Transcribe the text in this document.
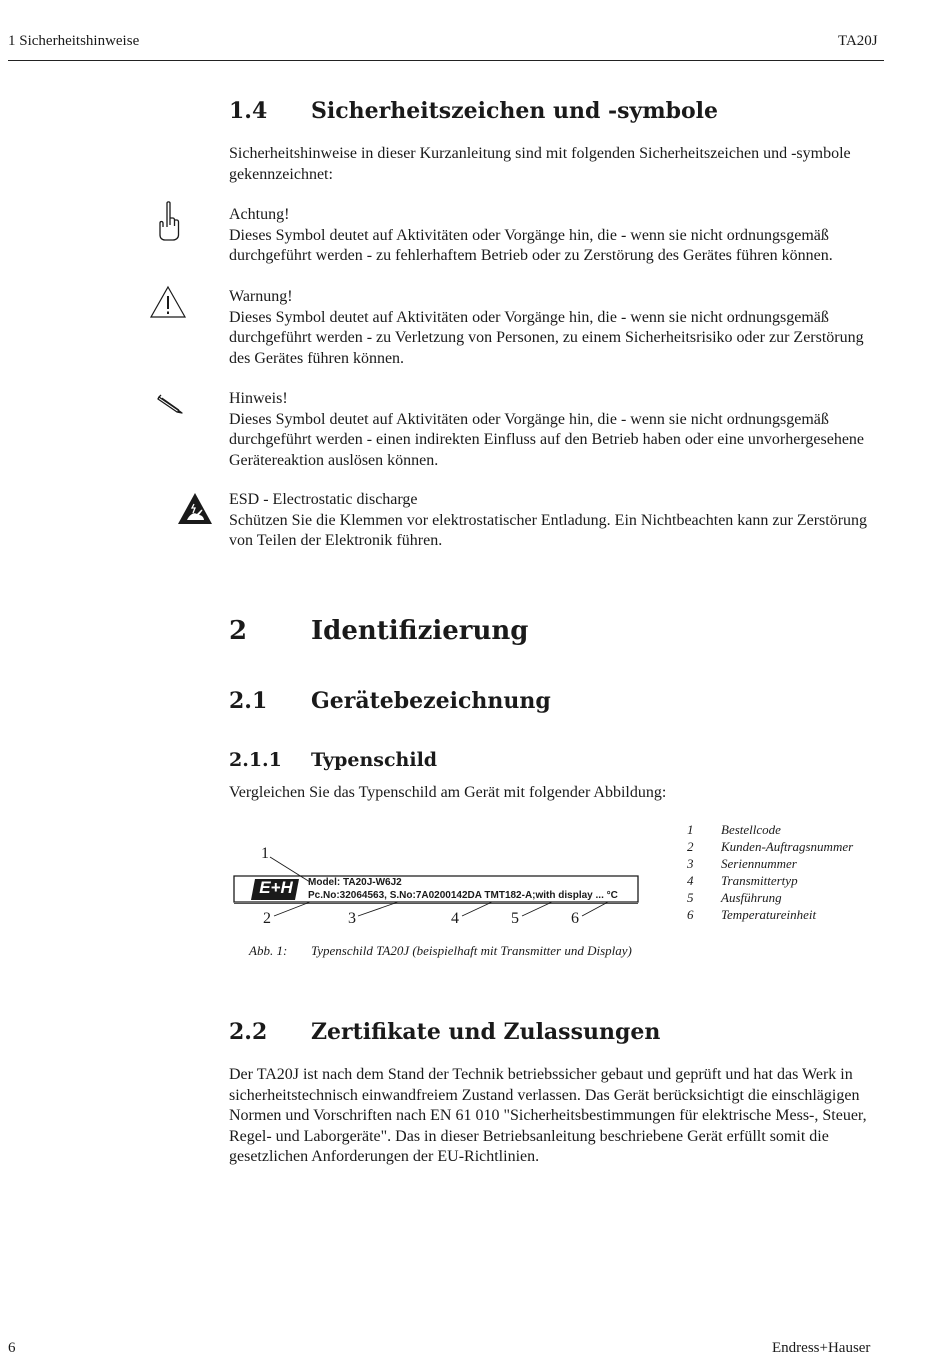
1 Sicherheitshinweise	TA20J
1.4 Sicherheitszeichen und -symbole
Sicherheitshinweise in dieser Kurzanleitung sind mit folgenden Sicherheitszeichen und -symbole gekennzeichnet:
Achtung!
Dieses Symbol deutet auf Aktivitäten oder Vorgänge hin, die - wenn sie nicht ordnungsgemäß durchgeführt werden - zu fehlerhaftem Betrieb oder zu Zerstörung des Gerätes führen können.
Warnung!
Dieses Symbol deutet auf Aktivitäten oder Vorgänge hin, die - wenn sie nicht ordnungsgemäß durchgeführt werden - zu Verletzung von Personen, zu einem Sicherheitsrisiko oder zur Zerstörung des Gerätes führen können.
Hinweis!
Dieses Symbol deutet auf Aktivitäten oder Vorgänge hin, die - wenn sie nicht ordnungsgemäß durchgeführt werden - einen indirekten Einfluss auf den Betrieb haben oder eine unvorhergesehene Gerätereaktion auslösen können.
ESD - Electrostatic discharge
Schützen Sie die Klemmen vor elektrostatischer Entladung. Ein Nichtbeachten kann zur Zerstörung von Teilen der Elektronik führen.
2 Identifizierung
2.1 Gerätebezeichnung
2.1.1 Typenschild
Vergleichen Sie das Typenschild am Gerät mit folgender Abbildung:
E+H	Model: TA20J-W6J2
Pc.No:32064563, S.No:7A0200142DA TMT182-A;with display ... °C
1
2	3	4	5	6
1 Bestellcode
2 Kunden-Auftragsnummer
3 Seriennummer
4 Transmittertyp
5 Ausführung
6 Temperatureinheit
Abb. 1: Typenschild TA20J (beispielhaft mit Transmitter und Display)
2.2 Zertifikate und Zulassungen
Der TA20J ist nach dem Stand der Technik betriebssicher gebaut und geprüft und hat das Werk in sicherheitstechnisch einwandfreiem Zustand verlassen. Das Gerät berücksichtigt die einschlägigen Normen und Vorschriften nach EN 61 010 "Sicherheitsbestimmungen für elektrische Mess-, Steuer, Regel- und Laborgeräte". Das in dieser Betriebsanleitung beschriebene Gerät erfüllt somit die gesetzlichen Anforderungen der EU-Richtlinien.
6	Endress+Hauser
